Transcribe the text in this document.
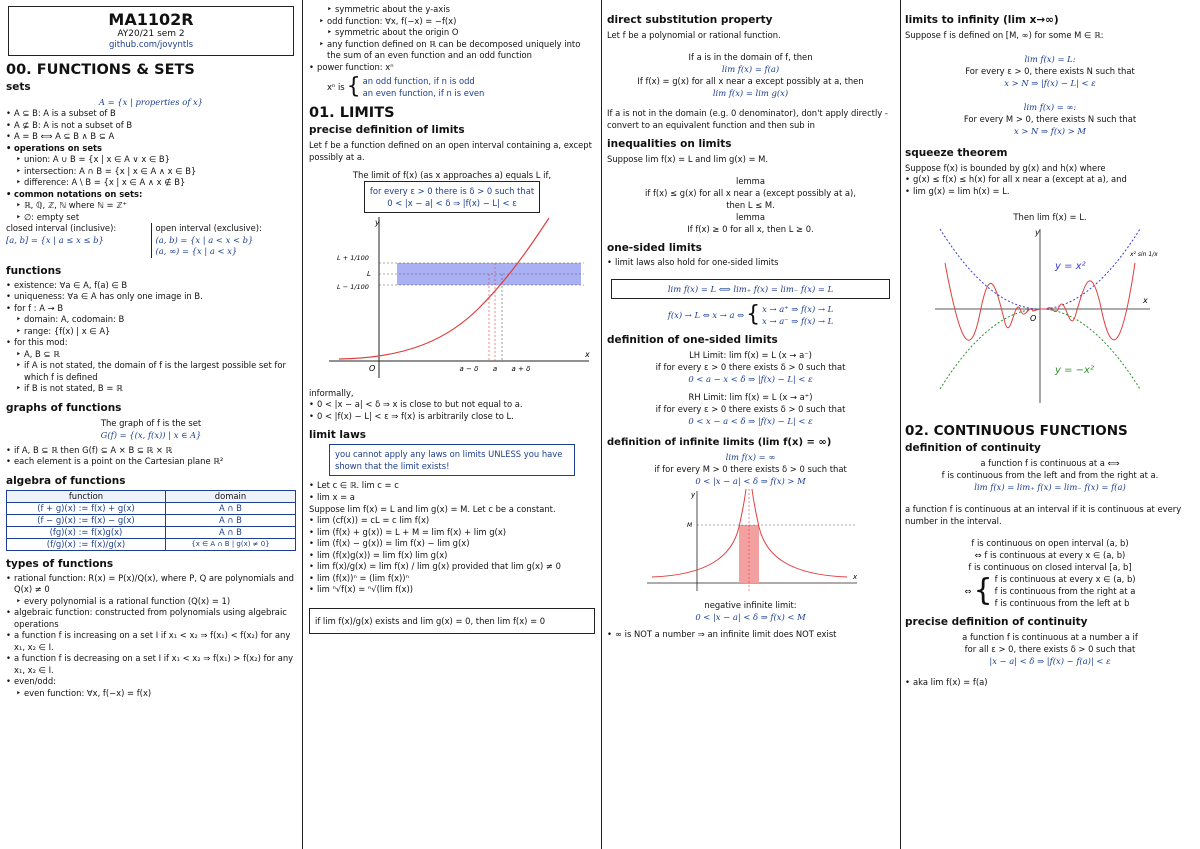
MA1102R
AY20/21 sem 2
github.com/jovyntls
00. FUNCTIONS & SETS
sets
A = {x | properties of x}
• A ⊆ B: A is a subset of B
• A ⊈ B: A is not a subset of B
• A = B ⟺ A ⊆ B ∧ B ⊆ A
• operations on sets
‣ union: A ∪ B = {x | x ∈ A ∨ x ∈ B}
‣ intersection: A ∩ B = {x | x ∈ A ∧ x ∈ B}
‣ difference: A \ B = {x | x ∈ A ∧ x ∉ B}
• common notations on sets:
‣ ℝ, ℚ, ℤ, ℕ where ℕ = ℤ⁺
‣ ∅: empty set
closed interval (inclusive):
[a, b] = {x | a ≤ x ≤ b}
open interval (exclusive):
(a, b) = {x | a < x < b}
(a, ∞) = {x | a < x}
functions
• existence: ∀a ∈ A, f(a) ∈ B
• uniqueness: ∀a ∈ A has only one image in B.
• for f : A → B
‣ domain: A, codomain: B
‣ range: {f(x) | x ∈ A}
• for this mod:
‣ A, B ⊆ ℝ
‣ if A is not stated, the domain of f is the largest possible set for which f is defined
‣ if B is not stated, B = ℝ
graphs of functions
The graph of f is the set
G(f) = {(x, f(x)) | x ∈ A}
• if A, B ⊆ ℝ then G(f) ⊆ A × B ⊆ ℝ × ℝ
• each element is a point on the Cartesian plane ℝ²
algebra of functions
function	domain
(f + g)(x) := f(x) + g(x)	A ∩ B
(f − g)(x) := f(x) − g(x)	A ∩ B
(fg)(x) := f(x)g(x)	A ∩ B
(f/g)(x) := f(x)/g(x)	{x ∈ A ∩ B | g(x) ≠ 0}
types of functions
• rational function: R(x) = P(x)/Q(x), where P, Q are polynomials and Q(x) ≠ 0
‣ every polynomial is a rational function (Q(x) = 1)
• algebraic function: constructed from polynomials using algebraic operations
• a function f is increasing on a set I if x₁ < x₂ ⇒ f(x₁) < f(x₂) for any x₁, x₂ ∈ I.
• a function f is decreasing on a set I if x₁ < x₂ ⇒ f(x₁) > f(x₂) for any x₁, x₂ ∈ I.
• even/odd:
‣ even function: ∀x, f(−x) = f(x)
‣ symmetric about the y-axis
‣ odd function: ∀x, f(−x) = −f(x)
‣ symmetric about the origin O
‣ any function defined on ℝ can be decomposed uniquely into the sum of an even function and an odd function
• power function: xⁿ
xⁿ is { an odd function, if n is odd
an even function, if n is even
01. LIMITS
precise definition of limits
Let f be a function defined on an open interval containing a, except possibly at a.
The limit of f(x) (as x approaches a) equals L if,
for every ε > 0 there is δ > 0 such that
0 < |x − a| < δ ⇒ |f(x) − L| < ε
y
x
O	a
a − δ	a + δ
L + 1/100
L
L − 1/100
informally,
• 0 < |x − a| < δ ⇒ x is close to but not equal to a.
• 0 < |f(x) − L| < ε ⇒ f(x) is arbitrarily close to L.
limit laws
you cannot apply any laws on limits UNLESS you have shown that the limit exists!
• Let c ∈ ℝ. lim c = c
• lim x = a
Suppose lim f(x) = L and lim g(x) = M. Let c be a constant.
• lim (cf(x)) = cL = c lim f(x)
• lim (f(x) + g(x)) = L + M = lim f(x) + lim g(x)
• lim (f(x) − g(x)) = lim f(x) − lim g(x)
• lim (f(x)g(x)) = lim f(x) lim g(x)
• lim f(x)/g(x) = lim f(x) / lim g(x) provided that lim g(x) ≠ 0
• lim (f(x))ⁿ = (lim f(x))ⁿ
• lim ⁿ√f(x) = ⁿ√(lim f(x))
if lim f(x)/g(x) exists and lim g(x) = 0, then lim f(x) = 0
direct substitution property
Let f be a polynomial or rational function.
If a is in the domain of f, then
lim f(x) = f(a)
If f(x) = g(x) for all x near a except possibly at a, then
lim f(x) = lim g(x)
If a is not in the domain (e.g. 0 denominator), don't apply directly - convert to an equivalent function and then sub in
inequalities on limits
Suppose lim f(x) = L and lim g(x) = M.
lemma
if f(x) ≤ g(x) for all x near a (except possibly at a),
then L ≤ M.
lemma
If f(x) ≥ 0 for all x, then L ≥ 0.
one-sided limits
• limit laws also hold for one-sided limits
lim f(x) = L ⟺ lim₊ f(x) = lim₋ f(x) = L
f(x) → L ⇔ x → a ⇔ { x → a⁺ ⇒ f(x) → L
x → a⁻ ⇒ f(x) → L
definition of one-sided limits
LH Limit: lim f(x) = L (x → a⁻)
if for every ε > 0 there exists δ > 0 such that
0 < a − x < δ ⇒ |f(x) − L| < ε
RH Limit: lim f(x) = L (x → a⁺)
if for every ε > 0 there exists δ > 0 such that
0 < x − a < δ ⇒ |f(x) − L| < ε
definition of infinite limits (lim f(x) = ∞)
lim f(x) = ∞
if for every M > 0 there exists δ > 0 such that
0 < |x − a| < δ ⇒ f(x) > M
y
x
M
negative infinite limit:
0 < |x − a| < δ ⇒ f(x) < M
• ∞ is NOT a number ⇒ an infinite limit does NOT exist
limits to infinity (lim x→∞)
Suppose f is defined on [M, ∞) for some M ∈ ℝ:
lim f(x) = L:
For every ε > 0, there exists N such that
x > N ⇒ |f(x) − L| < ε
lim f(x) = ∞:
For every M > 0, there exists N such that
x > N ⇒ f(x) > M
squeeze theorem
Suppose f(x) is bounded by g(x) and h(x) where
• g(x) ≤ f(x) ≤ h(x) for all x near a (except at a), and
• lim g(x) = lim h(x) = L.
Then lim f(x) = L.
y
x
O
y = x²
y = −x²
x² sin 1/x
02. CONTINUOUS FUNCTIONS
definition of continuity
a function f is continuous at a ⟺
f is continuous from the left and from the right at a.
lim f(x) = lim₊ f(x) = lim₋ f(x) = f(a)
a function f is continuous at an interval if it is continuous at every number in the interval.
f is continuous on open interval (a, b)
⇔ f is continuous at every x ∈ (a, b)
f is continuous on closed interval [a, b]
⇔ { f is continuous at every x ∈ (a, b)
f is continuous from the right at a
f is continuous from the left at b
precise definition of continuity
a function f is continuous at a number a if
for all ε > 0, there exists δ > 0 such that
|x − a| < δ ⇒ |f(x) − f(a)| < ε
• aka lim f(x) = f(a)
